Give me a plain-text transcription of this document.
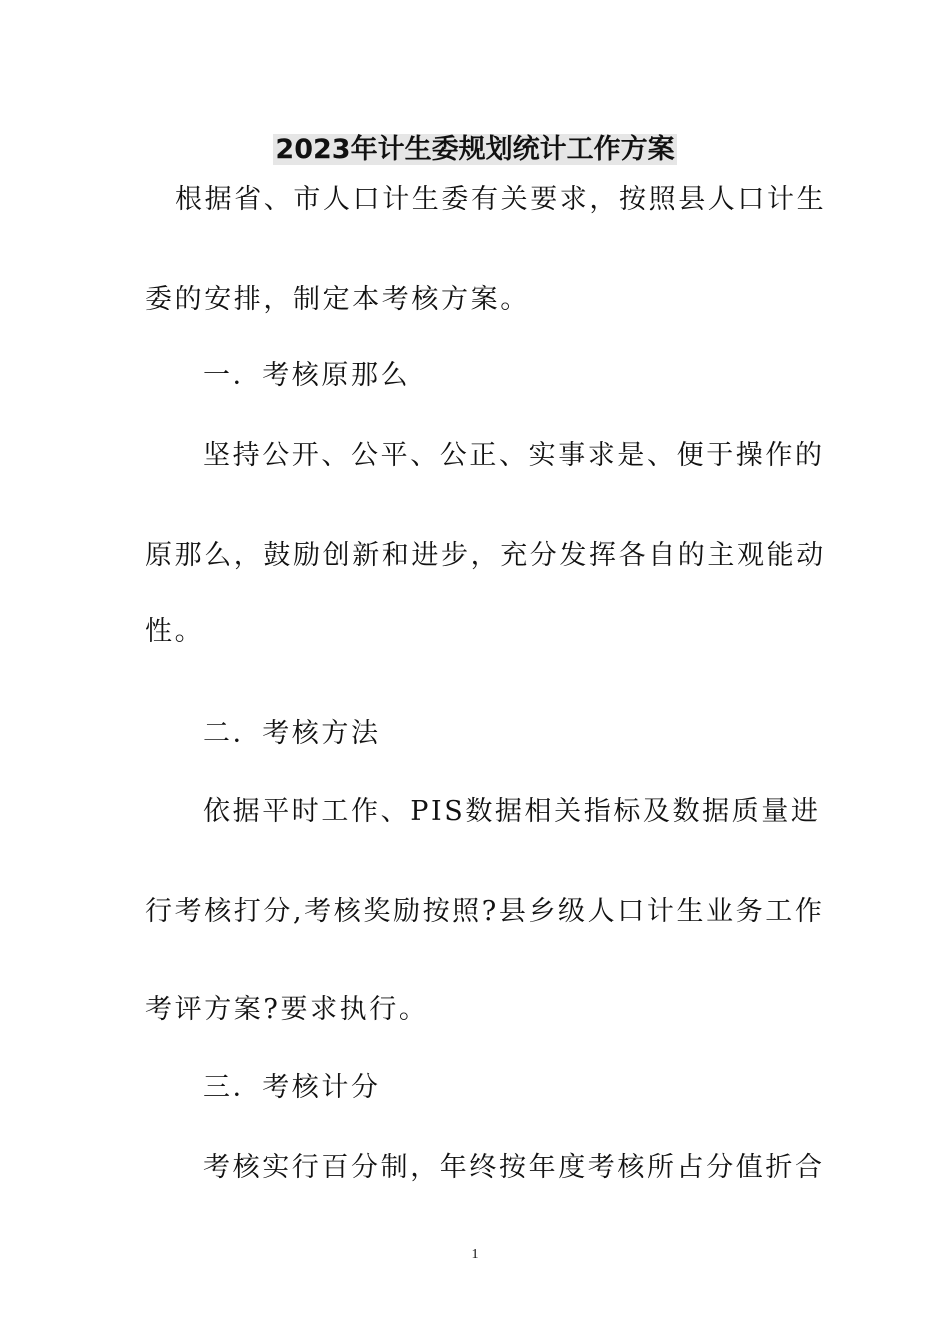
2023年计生委规划统计工作方案
根据省、市人口计生委有关要求，按照县人口计生
委的安排，制定本考核方案。
一．考核原那么
坚持公开、公平、公正、实事求是、便于操作的
原那么，鼓励创新和进步，充分发挥各自的主观能动
性。
二．考核方法
依据平时工作、PIS数据相关指标及数据质量进
行考核打分,考核奖励按照?县乡级人口计生业务工作
考评方案?要求执行。
三．考核计分
考核实行百分制，年终按年度考核所占分值折合
1
